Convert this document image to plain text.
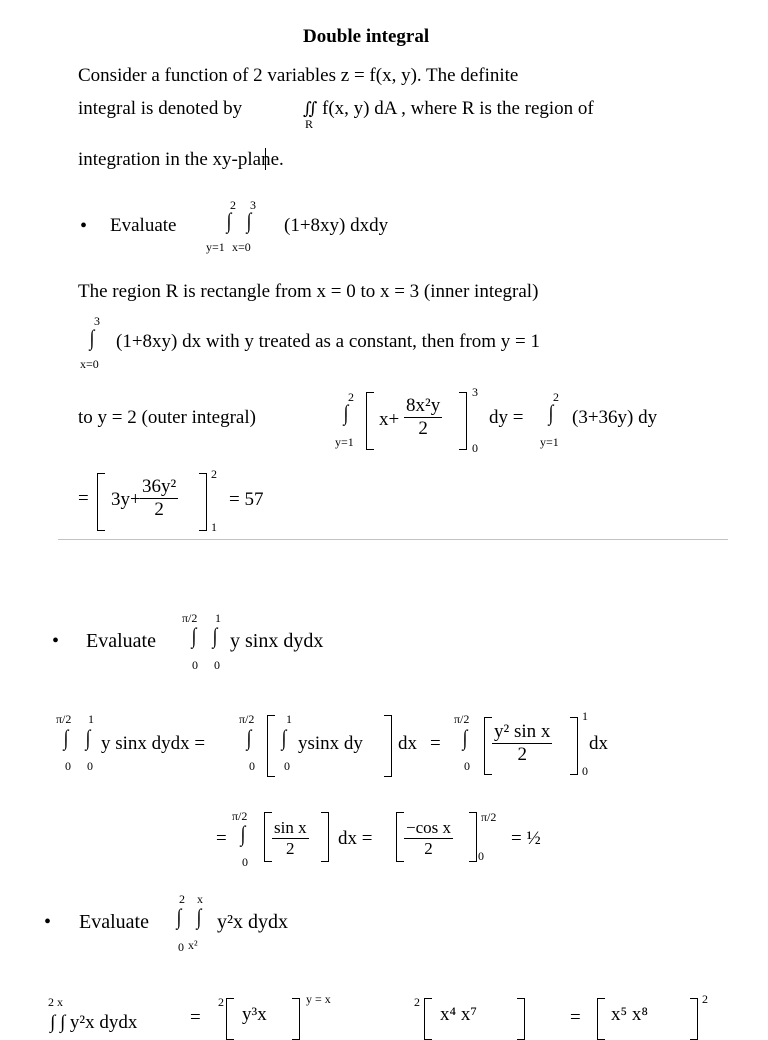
Double integral
Consider a function of 2 variables z = f(x, y). The definite
integral is denoted by	∬
R
f(x, y) dA , where R is the region of
integration in the xy-plane.
• Evaluate
2
∫
y=1
3
∫
x=0
(1+8xy) dxdy
The region R is rectangle from x = 0 to x = 3 (inner integral)
3
∫
x=0
(1+8xy) dx with y treated as a constant, then from y = 1
to y = 2 (outer integral)
2
∫
y=1
$x+ \frac{\text{8x²y}}{2}$
3
0
dy =
2
∫
y=1
(3+36y) dy
= $3y+ \frac{\text{36y²}}{2}$
2
1
= 57
• Evaluate
π/2 1
∫ ∫
0 0
y sinx dydx
π/2 1
∫ ∫
0 0
y sinx dydx =
π/2
∫
0
1
∫
0
ysinx dy dx =
π/2
∫
$0 \frac{\text{y² sin x}}{2}$
1
0
dx
=
π/2
∫
0
$\frac{\text{sin x}}{2}$ dx = $\frac{\text{−cos x}}{2}$
π/2
0
= ½
• Evaluate
2 x
∫ ∫
0 x²
y²x dydx
2 x
∫ ∫ y²x dydx	=
2
y³x
y = x	2
x⁴ x⁷	= x⁵ x⁸
2
